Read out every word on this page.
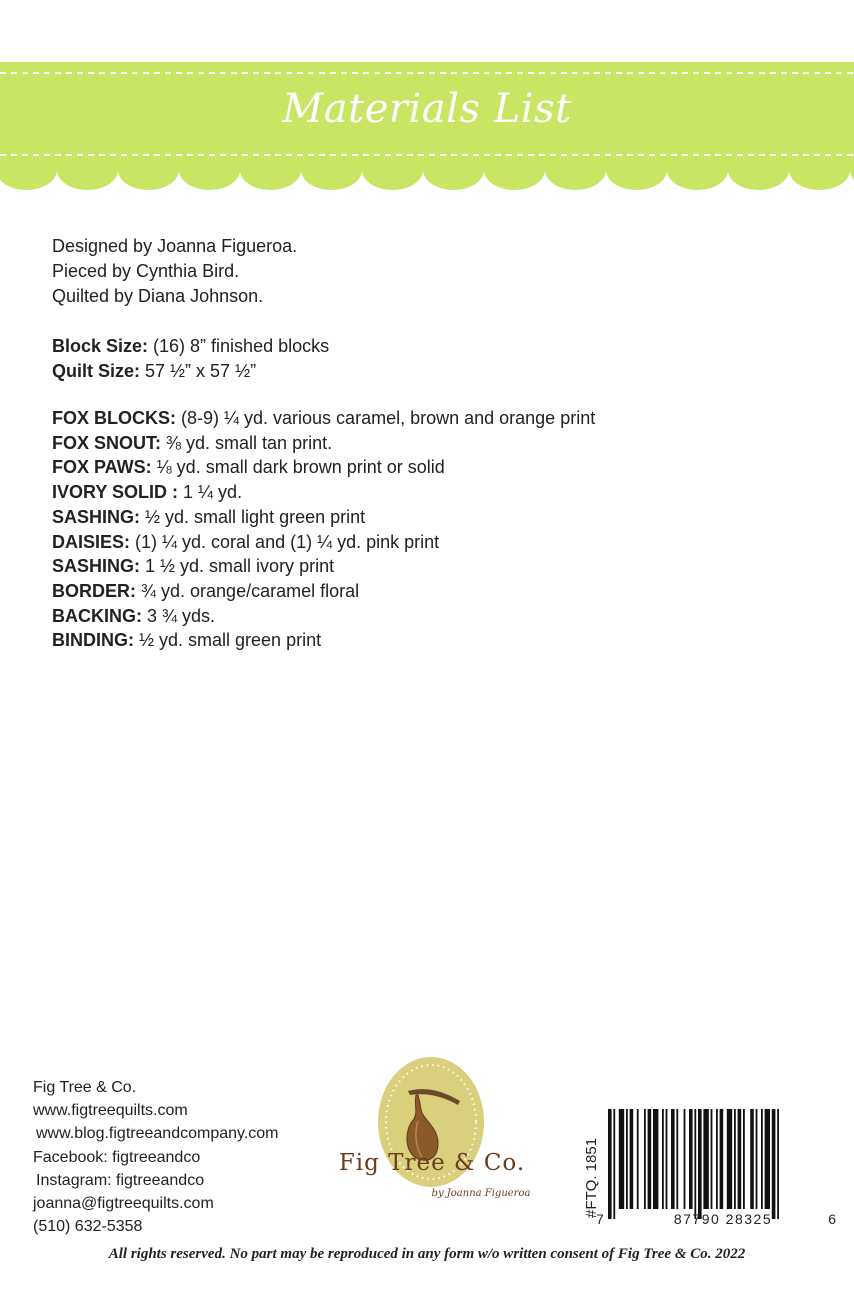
Materials List
Designed by Joanna Figueroa.
Pieced by Cynthia Bird.
Quilted by Diana Johnson.
Block Size: (16) 8” finished blocks
Quilt Size: 57 ½” x 57 ½”
FOX BLOCKS: (8-9) ¼ yd. various caramel, brown and orange print
FOX SNOUT: ⅜ yd. small tan print.
FOX PAWS: ⅛ yd. small dark brown print or solid
IVORY SOLID : 1 ¼ yd.
SASHING: ½ yd. small light green print
DAISIES: (1) ¼ yd. coral and (1) ¼ yd. pink print
SASHING: 1 ½ yd. small ivory print
BORDER: ¾ yd. orange/caramel floral
BACKING: 3 ¾ yds.
BINDING: ½ yd. small green print
Fig Tree & Co.
www.figtreequilts.com
www.blog.figtreeandcompany.com
Facebook: figtreeandco
Instagram: figtreeandco
joanna@figtreequilts.com
(510) 632-5358
Fig Tree & Co.
by Joanna Figueroa	#FTQ. 1851
7	87790 28325	6
All rights reserved. No part may be reproduced in any form w/o written consent of Fig Tree & Co. 2022
